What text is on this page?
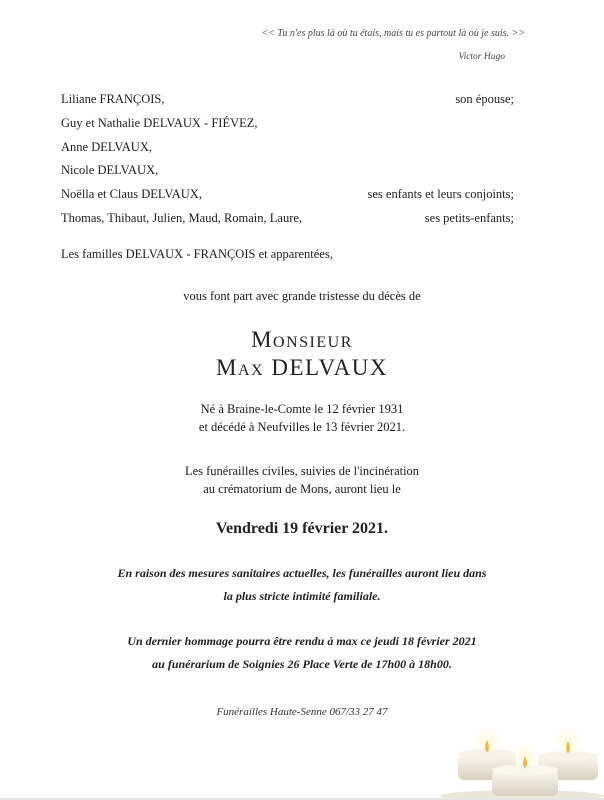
<< Tu n'es plus là où tu étais, mais tu es partout là où je suis. >>
Victor Hugo
Liliane FRANÇOIS,	son épouse;
Guy et Nathalie DELVAUX - FIÉVEZ,
Anne DELVAUX,
Nicole DELVAUX,
Noëlla et Claus DELVAUX,	ses enfants et leurs conjoints;
Thomas, Thibaut, Julien, Maud, Romain, Laure,	ses petits-enfants;
Les familles DELVAUX - FRANÇOIS et apparentées,
vous font part avec grande tristesse du décès de
Monsieur
Max DELVAUX
Né à Braine-le-Comte le 12 février 1931
et décédé à Neufvilles le 13 février 2021.
Les funérailles civiles, suivies de l'incinération
au crématorium de Mons, auront lieu le
Vendredi 19 février 2021.
En raison des mesures sanitaires actuelles, les funérailles auront lieu dans
la plus stricte intimité familiale.
Un dernier hommage pourra être rendu à max ce jeudi 18 février 2021
au funérarium de Soignies 26 Place Verte de 17h00 à 18h00.
Funérailles Haute-Senne 067/33 27 47
